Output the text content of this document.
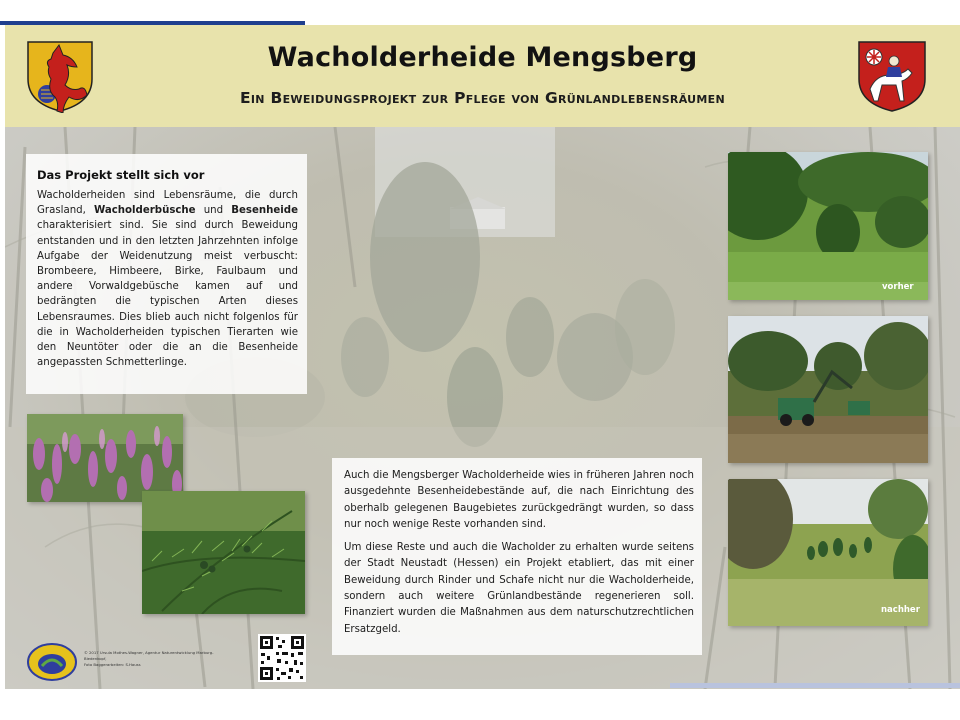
Wacholderheide Mengsberg
Ein Beweidungsprojekt zur Pflege von Grünlandlebensräumen
Das Projekt stellt sich vor

Wacholderheiden sind Lebensräume, die durch Grasland, Wacholderbüsche und Besenheide charakterisiert sind. Sie sind durch Beweidung entstanden und in den letzten Jahrzehnten infolge Aufgabe der Weidenutzung meist verbuscht: Brombeere, Himbeere, Birke, Faulbaum und andere Vorwaldgebüsche kamen auf und bedrängten die typischen Arten dieses Lebensraumes. Dies blieb auch nicht folgenlos für die in Wacholderheiden typischen Tierarten wie den Neuntöter oder die an die Besenheide angepassten Schmetterlinge.

Auch die Mengsberger Wacholderheide wies in früheren Jahren noch ausgedehnte Besenheidebestände auf, die nach Einrichtung des oberhalb gelegenen Baugebietes zurückgedrängt wurden, so dass nur noch wenige Reste vorhanden sind.

Um diese Reste und auch die Wacholder zu erhalten wurde seitens der Stadt Neustadt (Hessen) ein Projekt etabliert, das mit einer Beweidung durch Rinder und Schafe nicht nur die Wacholderheide, sondern auch weitere Grünlandbestände regenerieren soll. Finanziert wurden die Maßnahmen aus dem naturschutzrechtlichen Ersatzgeld.

vorher
nachher
© 2017 Ursula Mothes-Wagner, Agentur Naturentwicklung Marburg-
Biedenkopf,
Foto Baggerarbeiten: S.Hauss
